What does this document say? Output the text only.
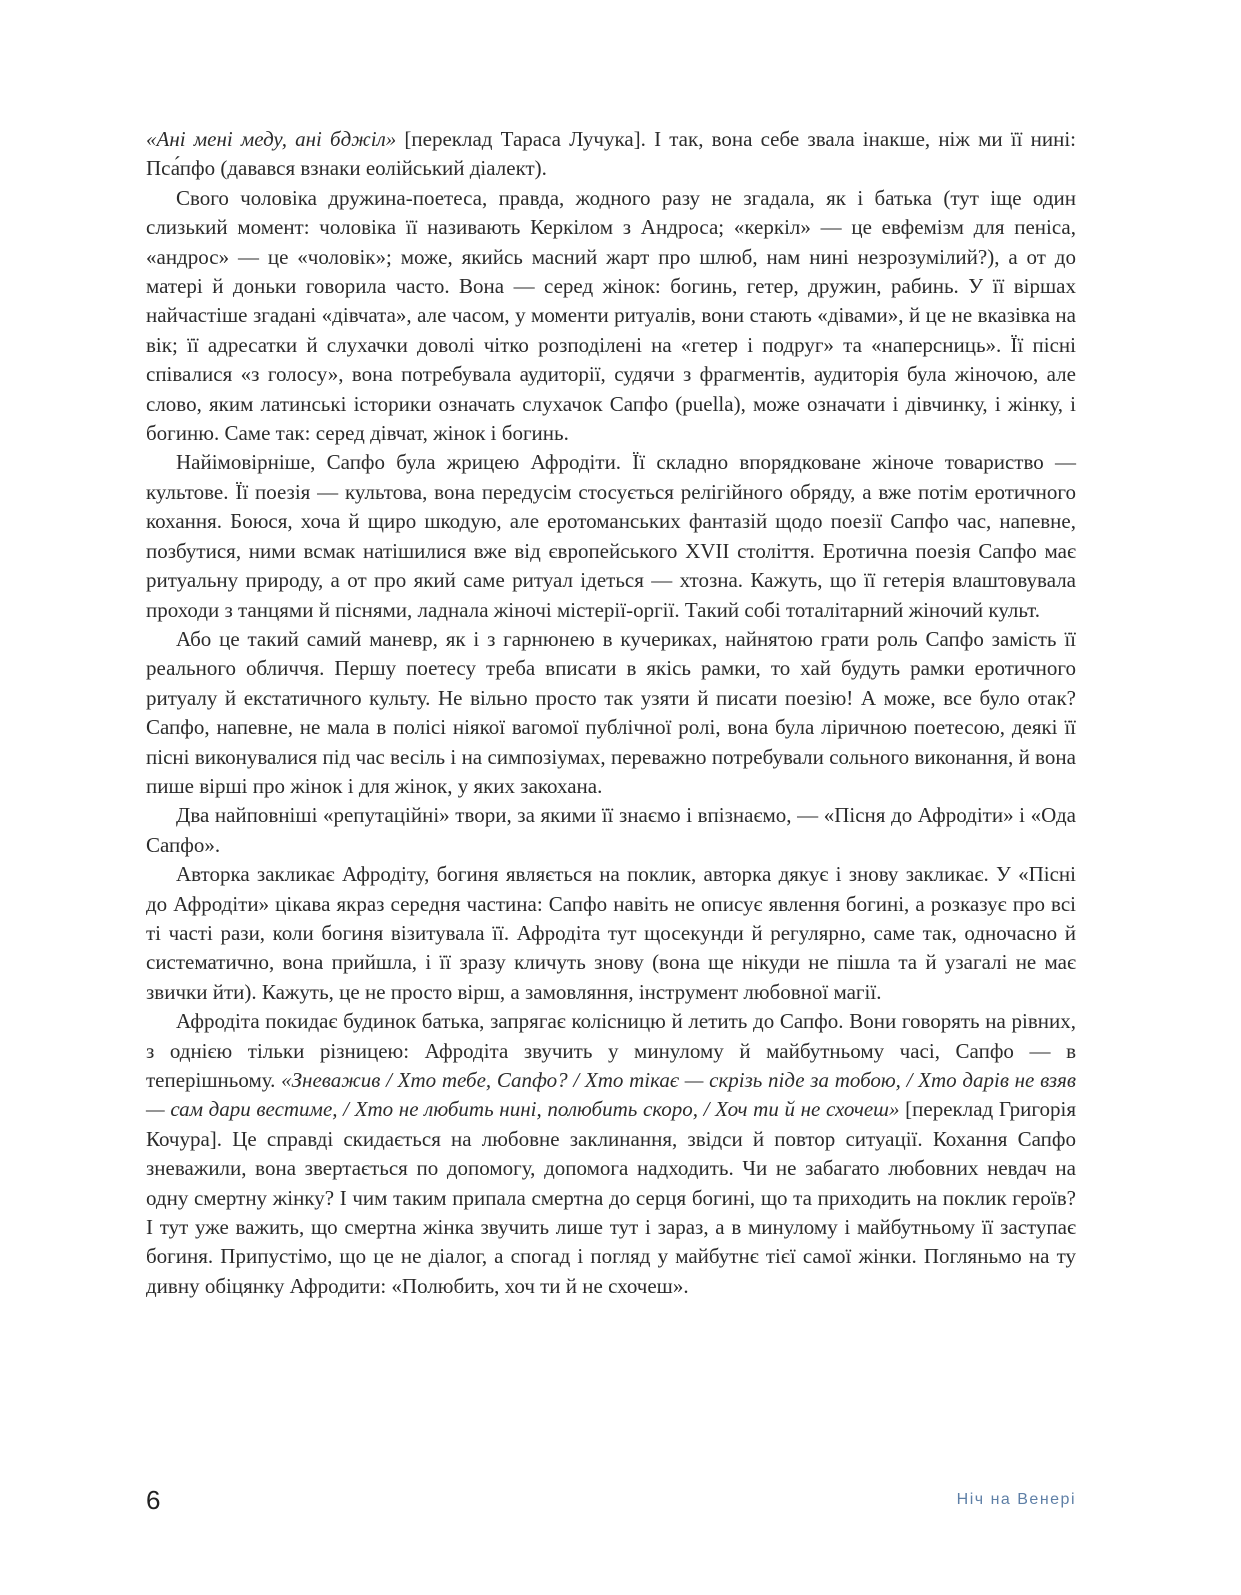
«Ані мені меду, ані бджіл» [переклад Тараса Лучука]. І так, вона себе звала інакше, ніж ми її нині: Пса́пфо (давався взнаки еолійський діалект).

Свого чоловіка дружина-поетеса, правда, жодного разу не згадала, як і батька (тут іще один слизький момент: чоловіка її називають Керкілом з Андроса; «керкіл» — це евфемізм для пеніса, «андрос» — це «чоловік»; може, якийсь масний жарт про шлюб, нам нині незрозумілий?), а от до матері й доньки говорила часто. Вона — серед жінок: богинь, гетер, дружин, рабинь. У її віршах найчастіше згадані «дівчата», але часом, у моменти ритуалів, вони стають «дівами», й це не вказівка на вік; її адресатки й слухачки доволі чітко розподілені на «гетер і подруг» та «наперсниць». Її пісні співалися «з голосу», вона потребувала аудиторії, судячи з фрагментів, аудиторія була жіночою, але слово, яким латинські історики означать слухачок Сапфо (puella), може означати і дівчинку, і жінку, і богиню. Саме так: серед дівчат, жінок і богинь.

Найімовірніше, Сапфо була жрицею Афродіти. Її складно впорядковане жіноче товариство — культове. Її поезія — культова, вона передусім стосується релігійного обряду, а вже потім еротичного кохання. Боюся, хоча й щиро шкодую, але еротоманських фантазій щодо поезії Сапфо час, напевне, позбутися, ними всмак натішилися вже від європейського XVII століття. Еротична поезія Сапфо має ритуальну природу, а от про який саме ритуал ідеться — хтозна. Кажуть, що її гетерія влаштовувала проходи з танцями й піснями, ладнала жіночі містерії-оргії. Такий собі тоталітарний жіночий культ.

Або це такий самий маневр, як і з гарнюнею в кучериках, найнятою грати роль Сапфо замість її реального обличчя. Першу поетесу треба вписати в якісь рамки, то хай будуть рамки еротичного ритуалу й екстатичного культу. Не вільно просто так узяти й писати поезію! А може, все було отак? Сапфо, напевне, не мала в полісі ніякої вагомої публічної ролі, вона була ліричною поетесою, деякі її пісні виконувалися під час весіль і на симпозіумах, переважно потребували сольного виконання, й вона пише вірші про жінок і для жінок, у яких закохана.

Два найповніші «репутаційні» твори, за якими її знаємо і впізнаємо, — «Пісня до Афродіти» і «Ода Сапфо».

Авторка закликає Афродіту, богиня являється на поклик, авторка дякує і знову закликає. У «Пісні до Афродіти» цікава якраз середня частина: Сапфо навіть не описує явлення богині, а розказує про всі ті часті рази, коли богиня візитувала її. Афродіта тут щосекунди й регулярно, саме так, одночасно й систематично, вона прийшла, і її зразу кличуть знову (вона ще нікуди не пішла та й узагалі не має звички йти). Кажуть, це не просто вірш, а замовляння, інструмент любовної магії.

Афродіта покидає будинок батька, запрягає колісницю й летить до Сапфо. Вони говорять на рівних, з однією тільки різницею: Афродіта звучить у минулому й майбутньому часі, Сапфо — в теперішньому. «Зневажив / Хто тебе, Сапфо? / Хто тікає — скрізь піде за тобою, / Хто дарів не взяв — сам дари вестиме, / Хто не любить нині, полюбить скоро, / Хоч ти й не схочеш» [переклад Григорія Кочура]. Це справді скидається на любовне заклинання, звідси й повтор ситуації. Кохання Сапфо зневажили, вона звертається по допомогу, допомога надходить. Чи не забагато любовних невдач на одну смертну жінку? І чим таким припала смертна до серця богині, що та приходить на поклик героїв? І тут уже важить, що смертна жінка звучить лише тут і зараз, а в минулому і майбутньому її заступає богиня. Припустімо, що це не діалог, а спогад і погляд у майбутнє тієї самої жінки. Погляньмо на ту дивну обіцянку Афродити: «Полюбить, хоч ти й не схочеш».

6	Ніч на Венері
